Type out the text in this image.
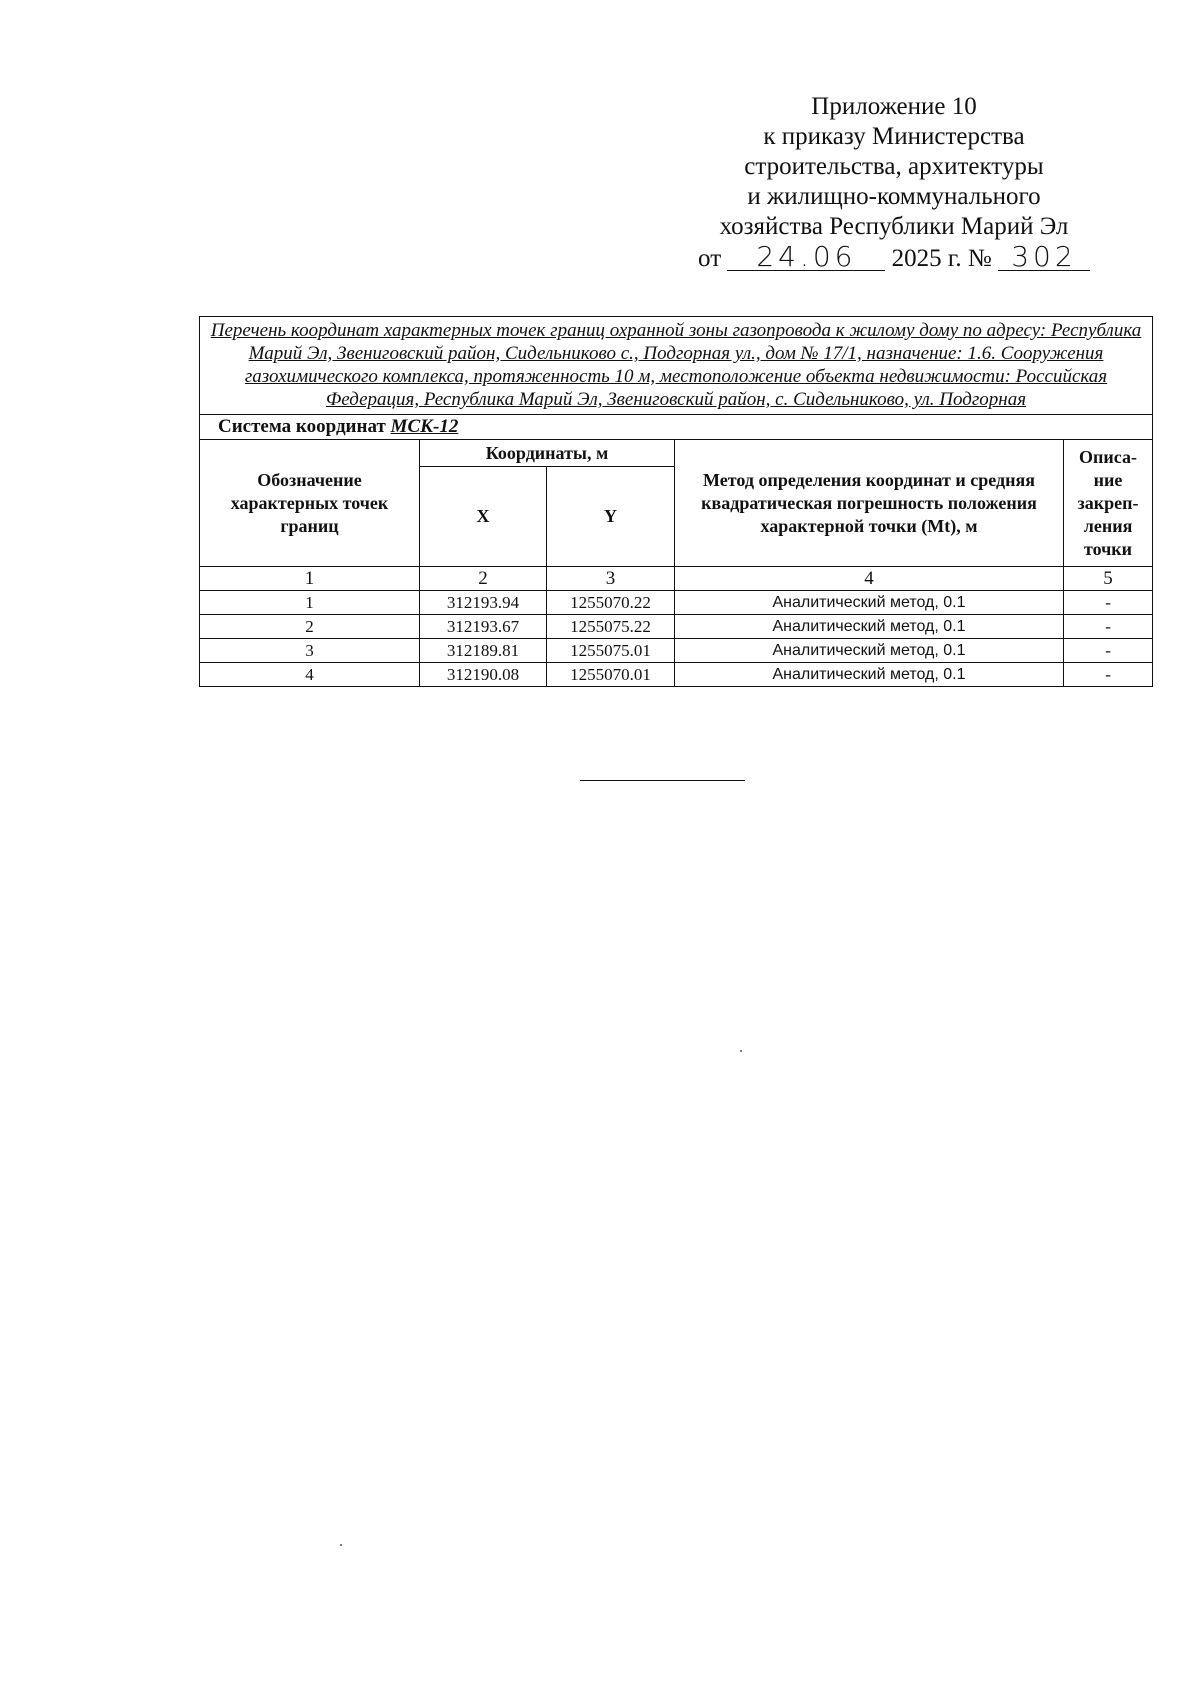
Приложение 10
к приказу Министерства
строительства, архитектуры
и жилищно-коммунального
хозяйства Республики Марий Эл
от 24.06 2025 г. № 302
Перечень координат характерных точек границ охранной зоны газопровода к жилому дому по адресу: Республика Марий Эл, Звениговский район, Сидельниково с., Подгорная ул., дом № 17/1, назначение: 1.6. Сооружения газохимического комплекса, протяженность 10 м, местоположение объекта недвижимости: Российская Федерация, Республика Марий Эл, Звениговский район, с. Сидельниково, ул. Подгорная				
Система координат МСК-12				
Обозначение характерных точек границ	Координаты, м		Метод определения координат и средняя квадратическая погрешность положения характерной точки (Mt), м	Описа-ние закреп-ления точки
	X	Y		
1	2	3	4	5
1	312193.94	1255070.22	Аналитический метод, 0.1	-
2	312193.67	1255075.22	Аналитический метод, 0.1	-
3	312189.81	1255075.01	Аналитический метод, 0.1	-
4	312190.08	1255070.01	Аналитический метод, 0.1	-
